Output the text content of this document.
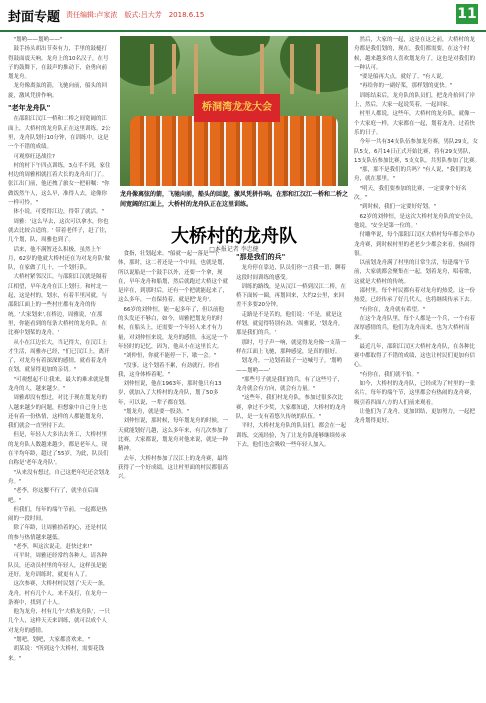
封面专题 责任编辑:卢家浓　版式:吕大芳　2018.6.15	11

"划哟——划哟——"

鼓手扬头胡出节奏有力，手里的鼓槌打得鼓面震天响。龙舟上的10名汉子，在号子的鼓舞下，在鼓声的推动下，奋勇向前划龙舟。

龙舟像离弦的箭，飞驰向前，船头的回旋，激风凭拼作响。

"老年龙舟队"

在邵阳江汉江一桥和二桥之间宽阔的江面上，大桥村的龙舟队正在这里训练。2公里，龙舟队划行10分钟，在训练中，这是一个不错的成绩。

可观察旺迅战往?

村的村下午四点训练，3点半不到，家住村边的周雅相就扛着大长的龙舟出门了。张江出门前，他还拽了旅女一把祖嘱："你做饭然午人，这么早，准得人去，途像你一样可怜。"

体小说，可爱得江边，得带了就活。"

周雅：'这么早去，这次可以拿水，你也就去比较合适的。' 带着老伴子，赶了往，几个划，队，周雅也到了。

话来，他不满暂还么积极，虽然上午月，62岁的他就大桥村还在为对龙舟队'做队，在家做了几十，一个划行队。

大桥村紧邻汉江，与邵阳江汉就是隔着江相望，早年龙舟在江上划行。和村北一起，这是村的，划水，有着半里河就，与邵阳江面上的一些村庄都有龙舟的传统。'大家划来',在桥边，周雅说，'在那里，你能看到的每条大桥村的龙舟队，在比赛中划桨的龙舟。'

从小在江边长大，当记得大，在汉江上才生活，周雅亦已经，"们已汉江上，离开了，对龙舟有着深深的感情，就看着龙舟在划，就显得更加的亲切。"

"可观想起不让我来，最大的难求就是划龙舟的人，越来越少。"

周雅却没有想过，对比于现在划龙舟的人越来越少的问题，但想象中自己身上也还有着一份热情，这样的人都能划龙舟，我们就会一直坚持下去。

但是，年轻人大多出去务工，大桥村里的龙舟队人数越来越少，都是老年人，现在平均年龄，超过了55岁，为此，队员们自称是'老年龙舟队'。

"从来没有想过，自己这把年纪还会划龙舟。"

"老李，你这腰不行了，就坐在后面吧。"

但我们，每年的端午节前，一起都是热闹的一段时间。

除了年龄，让周雅拾着的心，还是村民的参与热情越来越低。

"老李，叫这次说走，赶快过来!"

可平时，周雅还经常约各种人，请各种队员，还动员村里的年轻人，这样虽是能还好，龙舟训练时，就更有人了。

这次参赛，大桥村村民划了'天天一条，龙舟，村有几个人，来不及打，在龙舟一条赛中，找到了十人。

他为龙舟，村有几个'大桥龙舟队'，一只几个人，这样天天来训练，就可以成个人对龙舟的感情。

"划吧，划吧，大家都喜欢来。"

胡某说："所到这个大桥村，需要花钱来。"

桥洞湾龙龙大会
龙舟像离弦的箭，飞驰向前，船头的回旋，激风凭拼作响。在那和江汉江一桥和二桥之间宽阔的江面上，大桥村的龙舟队正在这里训练。
大桥村的龙舟队
□本报记者 李忠健

食指，壮划起来。"船就一起一落是一个体，那时，这二者还是一个中间，也就是划，所以说船是一个鼓手以外，还要一个拿，现在，早年龙舟和船划，然后就跑过大桥这个就是岸在，到那时后，还有一个把就能起来了，这么多年，一直保持着，就是把'龙舟'。

66岁的刘仲恒，能一起多年了，但以前他的头发还不够白，如今，周雅把划龙舟的时候，在船头上，还需要一个年轻人来才有力量，对刘仲恒来说，龙舟的感情，永远是一个年轻时的记忆，因为，他从小在这里长大。

"刘仲恒，你就不能停一下，歇一会。"

"没事，这个划着不累，有劲就行，你看我，这身体棒着呢。"

刘仲恒说，他在1963年，那时他只有13岁，就加入了大桥村的龙舟队，划了50多年，可以说，一辈子都在划。

"划龙舟，就是要一股劲。"

刘仲恒说，那时候，每年划龙舟的时候，一天就能划好几趟，这么多年来，有几次参加了比赛，大家都说，划龙舟对他来说，就是一种精神。

去年，大桥村参加了汉江上的龙舟赛，最终获得了一个好成绩，这让村里面的村民都很高兴。

"那是我们的兵"

龙舟停在靠边，队员们你一言我一语，聊着这段时间训练的感受。

训练的路线，是从汉江一桥到汉江二桥，在桥下面转一圈，再划回来，大约2公里，来回差不多要20分钟。

走路是不是苦的，他们说：'不是，就是这样划，就觉得特别有劲。'周雅说，'划龙舟，那是我们的兵。'

那时，号子声一响，就觉得龙舟像一支箭一样在江面上飞驰，那种感觉，是真的很好。

划龙舟，一边划着鼓子一边喊号子，'划哟——划哟——'

"那些号子就是我们的兵，有了这些号子，龙舟就会有方向，就会有力量。"

"这些年，我们村龙舟队，参加过很多次比赛，拿过不少奖，大家都知道，大桥村的龙舟队，是一支有着悠久传统的队伍。"

平时，大桥村龙舟队的队员们，都会在一起训练，交流经验，为了让龙舟队能够继续传承下去，他们也会吸收一些年轻人加入。

然后，大家的一起，这是在这之前，大桥村的龙舟都是我们划的，现在，我们都需要，在这个时候，越来越多的人喜欢划龙舟了，这也是对我们的一种认可。

"要是船再大点，就好了。"有人说。

"再给你的一副好桨，那样划的更快。"

训练结束后，龙舟队的队员们，把龙舟抬回了岸上，然后，大家一起说笑着，一起回家。

村里人都说，这些年，大桥村的龙舟队，就像一个大家庭一样，大家都在一起，划着龙舟，过着快乐的日子。

今年一共有34支队伍参加龙舟赛，男队29支，女队5支，6月14日正式开始比赛，将有29支男队，13支队伍参加比赛，5支女队，共男队参加了比赛。

"那，那不是我们的兵吗？"有人说，"我们的龙舟，就在那里。"

"明天，我们要参加的比赛，一定要拿个好名次。"

"到时候，我们一定要好好划。"

62岁的刘仲恒，是这次大桥村龙舟队的安全员，他说，'安全是第一位的。'

付雕华说，每个邵阳江汉区大桥村每年都会举办龙舟赛，到时候村里的老老少少都会来看，热闹得很。

以前划龙舟满了村里的日常生活，每逢端午节前，大家就都会聚集在一起，划着龙舟，唱着歌，这就是大桥村的传统。

邵村里，每个村民都有着对龙舟的热爱，这一份热爱，已经传承了好几代人，也将继续传承下去。

"有你在，龙舟就有希望。"

在这个龙舟队里，每个人都是一个兵，一个有着深厚感情的兵，他们为龙舟而来，也为大桥村而来。

最近几年，邵阳江汉区大桥村龙舟队，在各种比赛中都取得了不错的成绩，这也让村民们更加有信心。

"有你在，我们就不怕。"

如今，大桥村的龙舟队，已经成为了村里的一张名片，每年的端午节，这里都会有热闹的龙舟赛，吸引着四面八方的人们前来观看。

让他们为了龙舟，更加团结，更加努力，一起把龙舟划得更好。
